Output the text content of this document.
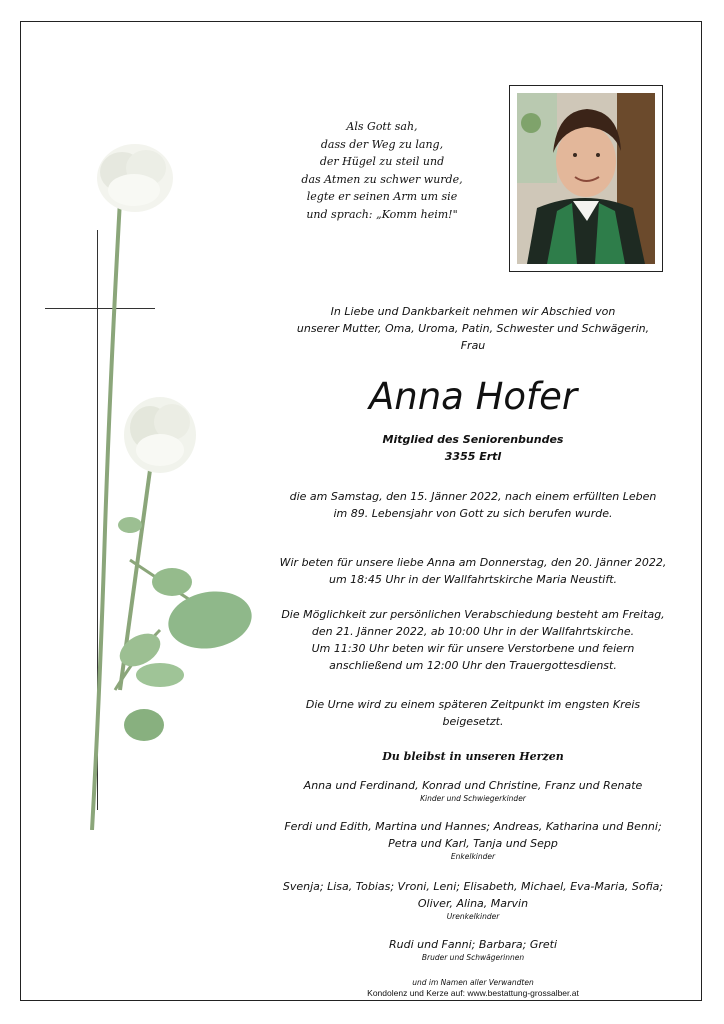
Als Gott sah,
dass der Weg zu lang,
der Hügel zu steil und
das Atmen zu schwer wurde,
legte er seinen Arm um sie
und sprach: „Komm heim!"
In Liebe und Dankbarkeit nehmen wir Abschied von
unserer Mutter, Oma, Uroma, Patin, Schwester und Schwägerin,
Frau
Anna Hofer
Mitglied des Seniorenbundes
3355 Ertl
die am Samstag, den 15. Jänner 2022, nach einem erfüllten Leben
im 89. Lebensjahr von Gott zu sich berufen wurde.
Wir beten für unsere liebe Anna am Donnerstag, den 20. Jänner 2022,
um 18:45 Uhr in der Wallfahrtskirche Maria Neustift.
Die Möglichkeit zur persönlichen Verabschiedung besteht am Freitag,
den 21. Jänner 2022, ab 10:00 Uhr in der Wallfahrtskirche.
Um 11:30 Uhr beten wir für unsere Verstorbene und feiern
anschließend um 12:00 Uhr den Trauergottesdienst.
Die Urne wird zu einem späteren Zeitpunkt im engsten Kreis
beigesetzt.
Du bleibst in unseren Herzen
Anna und Ferdinand, Konrad und Christine, Franz und Renate
Kinder und Schwiegerkinder
Ferdi und Edith, Martina und Hannes; Andreas, Katharina und Benni;
Petra und Karl, Tanja und Sepp
Enkelkinder
Svenja; Lisa, Tobias; Vroni, Leni; Elisabeth, Michael, Eva-Maria, Sofia;
Oliver, Alina, Marvin
Urenkelkinder
Rudi und Fanni; Barbara; Greti
Bruder und Schwägerinnen
und im Namen aller Verwandten
Kondolenz und Kerze auf: www.bestattung-grossalber.at
